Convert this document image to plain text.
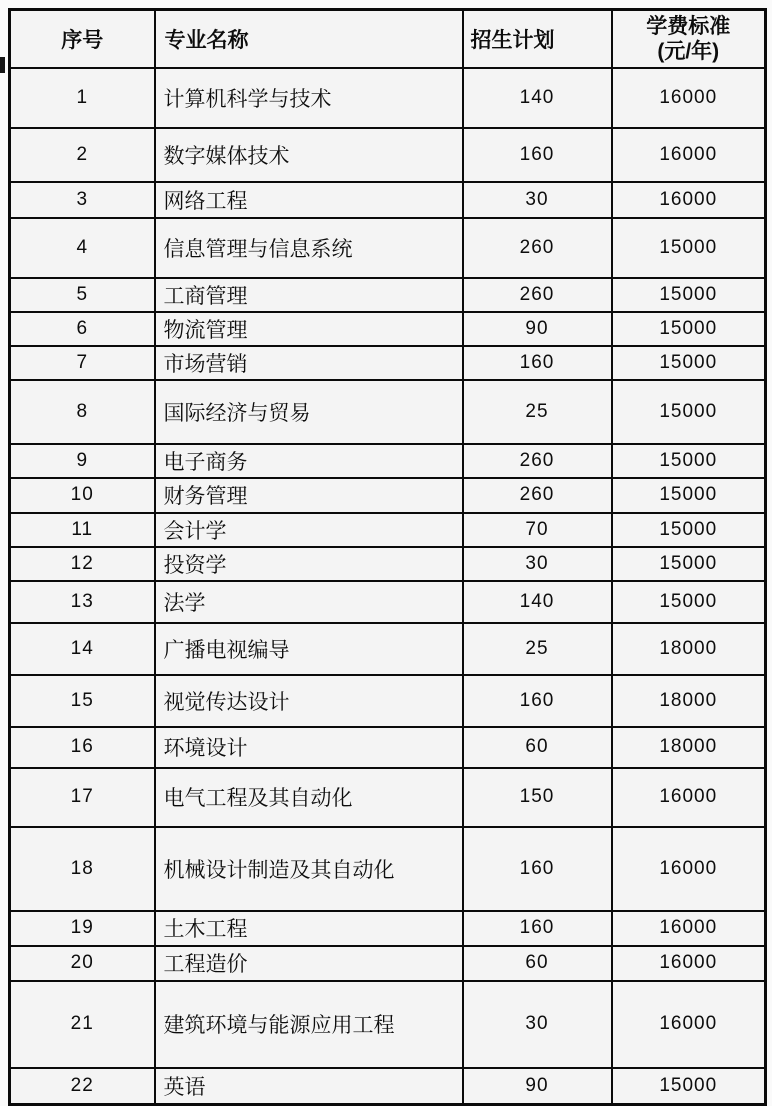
序号	专业名称	招生计划	学费标准
(元/年)

1	计算机科学与技术	140	16000
2	数字媒体技术	160	16000
3	网络工程	30	16000
4	信息管理与信息系统	260	15000
5	工商管理	260	15000
6	物流管理	90	15000
7	市场营销	160	15000
8	国际经济与贸易	25	15000
9	电子商务	260	15000
10	财务管理	260	15000
11	会计学	70	15000
12	投资学	30	15000
13	法学	140	15000
14	广播电视编导	25	18000
15	视觉传达设计	160	18000
16	环境设计	60	18000
17	电气工程及其自动化	150	16000
18	机械设计制造及其自动化	160	16000
19	土木工程	160	16000
20	工程造价	60	16000
21	建筑环境与能源应用工程	30	16000
22	英语	90	15000
